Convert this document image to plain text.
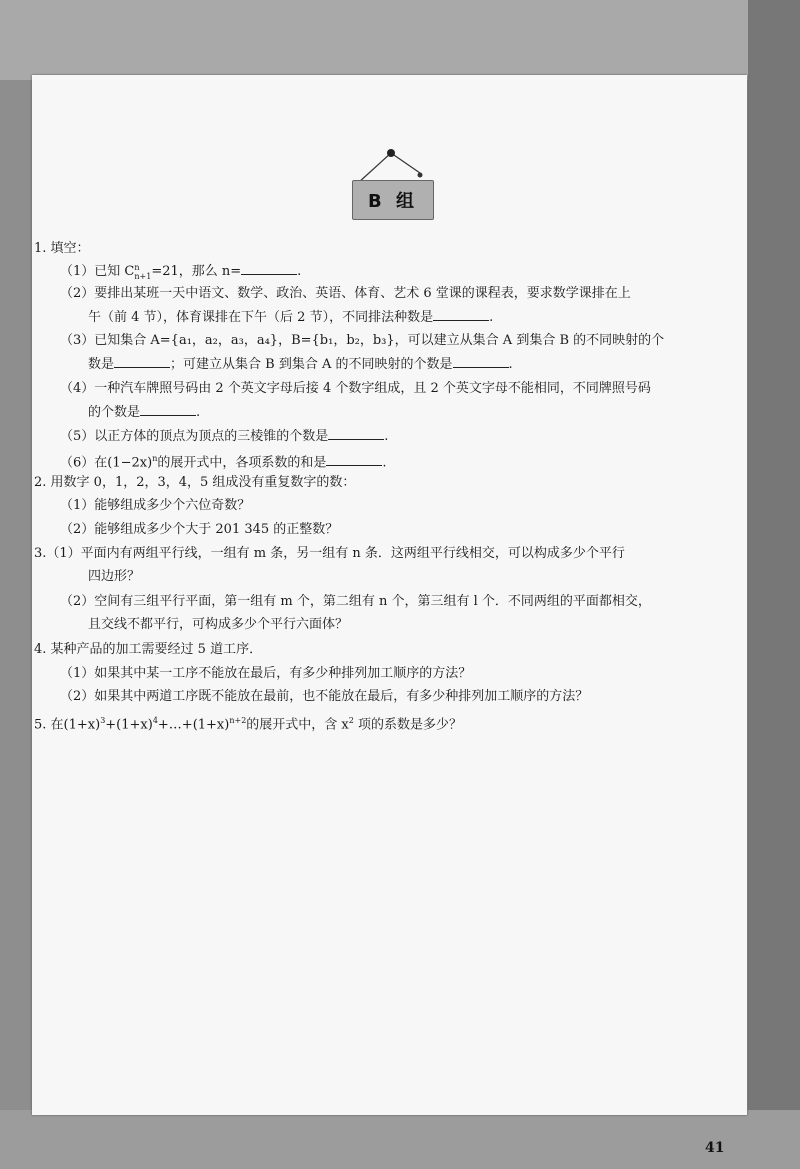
B 组
1. 填空：
（1）已知 C n
n+1 =21，那么 n=	.
（2）要排出某班一天中语文、数学、政治、英语、体育、艺术 6 堂课的课程表，要求数学课排在上
午（前 4 节），体育课排在下午（后 2 节），不同排法种数是	.
（3）已知集合 A={a₁，a₂，a₃，a₄}，B={b₁，b₂，b₃}，可以建立从集合 A 到集合 B 的不同映射的个
数是	；可建立从集合 B 到集合 A 的不同映射的个数是	.
（4）一种汽车牌照号码由 2 个英文字母后接 4 个数字组成，且 2 个英文字母不能相同，不同牌照号码
的个数是	.
（5）以正方体的顶点为顶点的三棱锥的个数是	.
（6）在$(1-2x)^n$的展开式中，各项系数的和是	.
2. 用数字 0，1，2，3，4，5 组成没有重复数字的数：
（1）能够组成多少个六位奇数？
（2）能够组成多少个大于 201 345 的正整数？
3.（1）平面内有两组平行线，一组有 m 条，另一组有 n 条．这两组平行线相交，可以构成多少个平行
四边形？
（2）空间有三组平行平面，第一组有 m 个，第二组有 n 个，第三组有 l 个．不同两组的平面都相交，
且交线不都平行，可构成多少个平行六面体？
4. 某种产品的加工需要经过 5 道工序．
（1）如果其中某一工序不能放在最后，有多少种排列加工顺序的方法？
（2）如果其中两道工序既不能放在最前，也不能放在最后，有多少种排列加工顺序的方法？
5. 在$(1+x)^3+(1+x)^4+\dots+(1+x)^{n+2}$的展开式中，含 $x^2$ 项的系数是多少？
41
